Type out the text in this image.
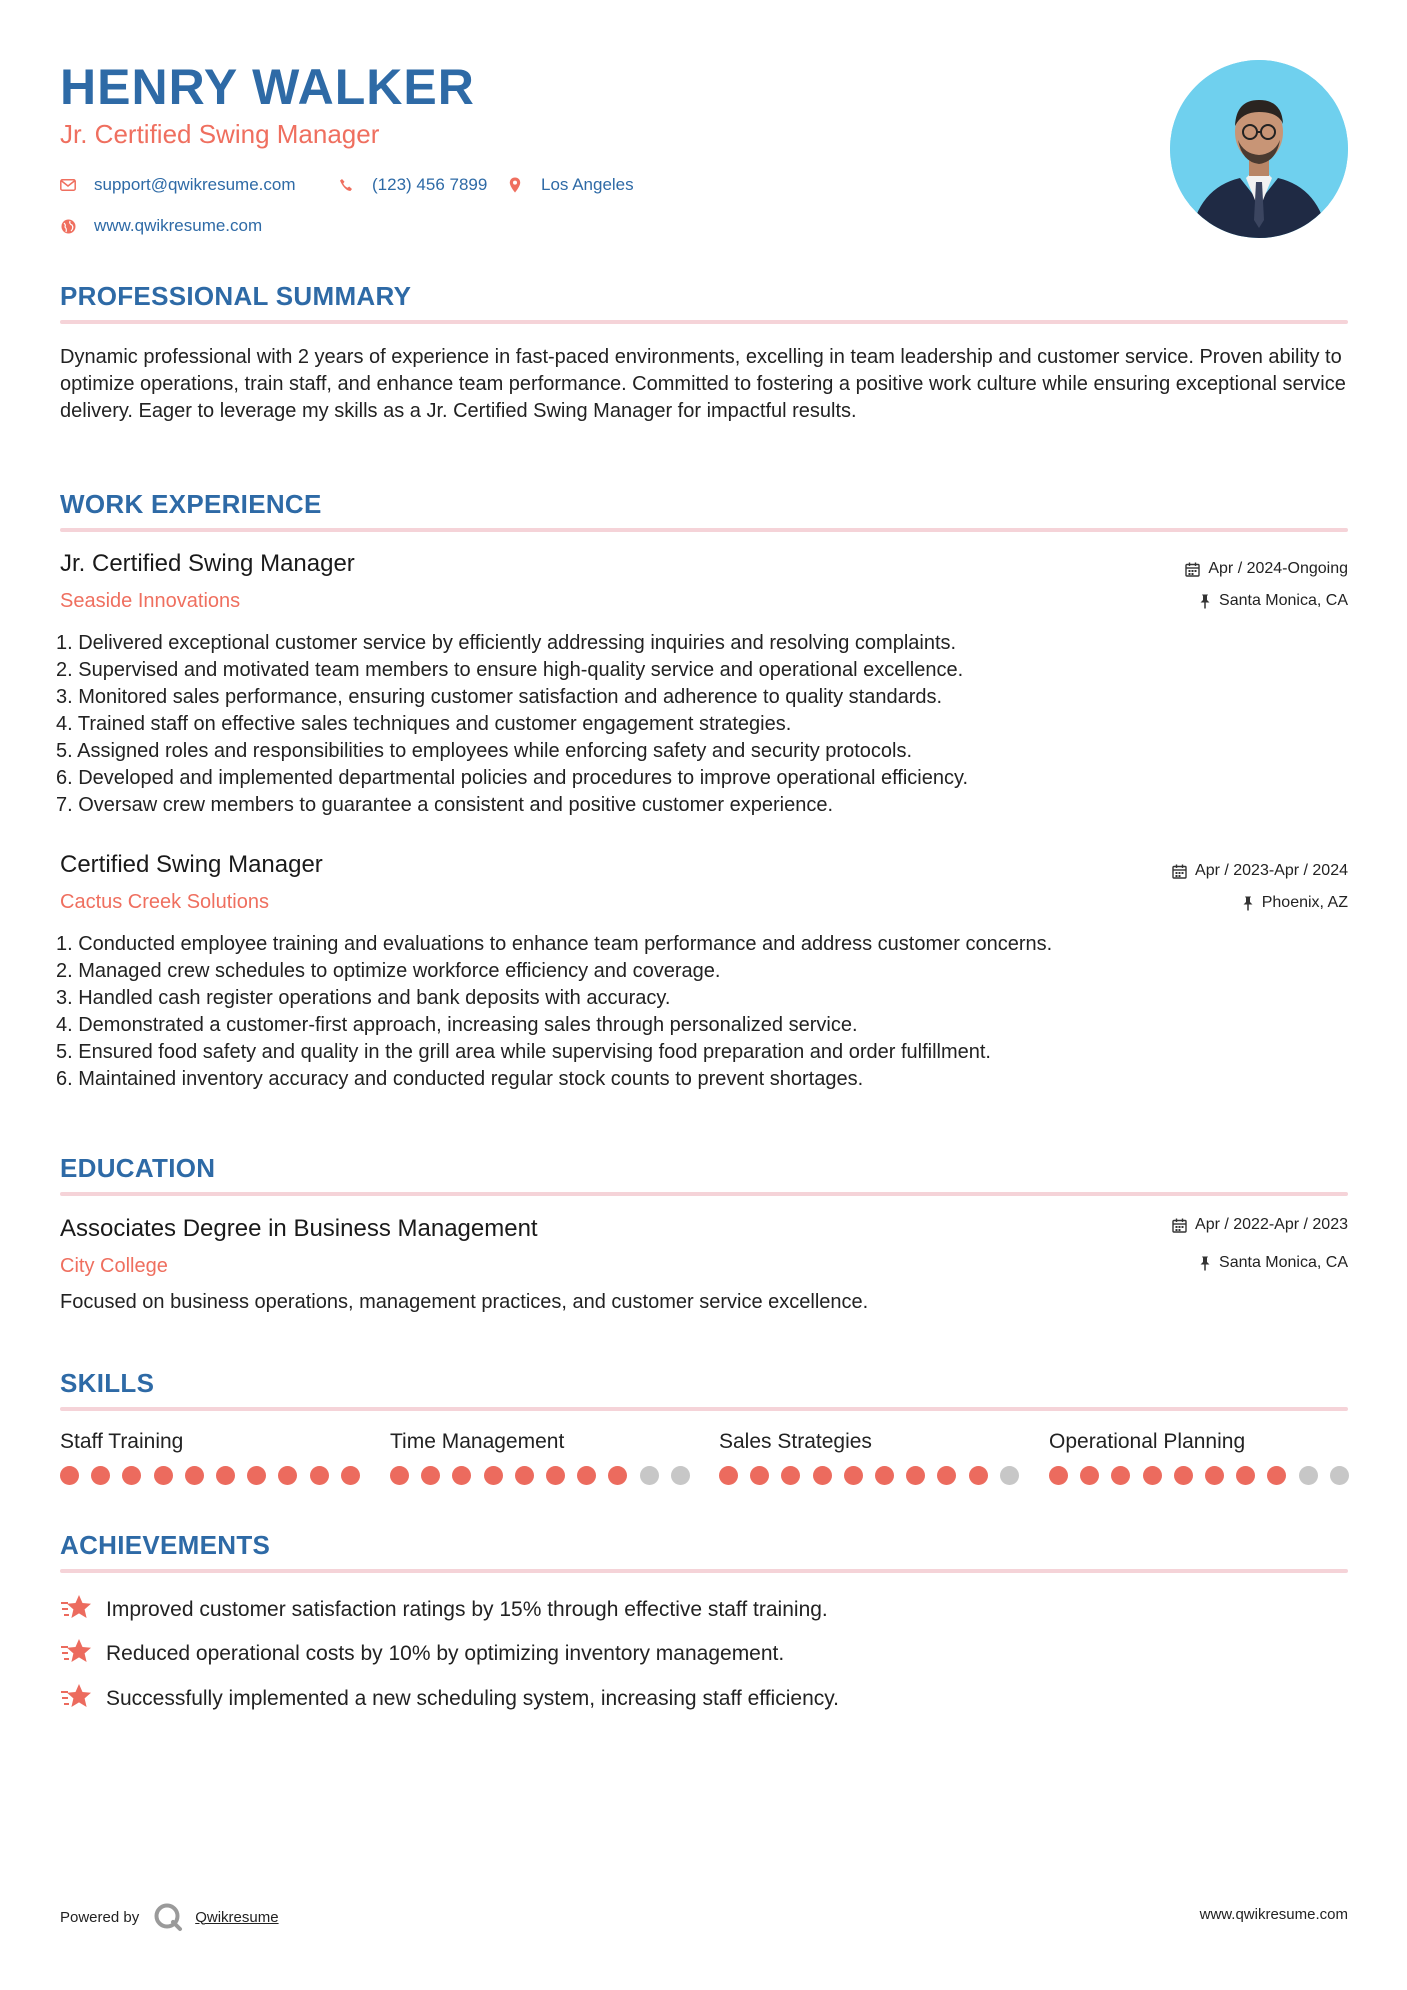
HENRY WALKER
Jr. Certified Swing Manager
support@qwikresume.com	(123) 456 7899	Los Angeles
www.qwikresume.com
PROFESSIONAL SUMMARY
Dynamic professional with 2 years of experience in fast-paced environments, excelling in team leadership and customer service. Proven ability to optimize operations, train staff, and enhance team performance. Committed to fostering a positive work culture while ensuring exceptional service delivery. Eager to leverage my skills as a Jr. Certified Swing Manager for impactful results.
WORK EXPERIENCE
Jr. Certified Swing Manager
Seaside Innovations
Apr / 2024-Ongoing
Santa Monica, CA
1. Delivered exceptional customer service by efficiently addressing inquiries and resolving complaints.
2. Supervised and motivated team members to ensure high-quality service and operational excellence.
3. Monitored sales performance, ensuring customer satisfaction and adherence to quality standards.
4. Trained staff on effective sales techniques and customer engagement strategies.
5. Assigned roles and responsibilities to employees while enforcing safety and security protocols.
6. Developed and implemented departmental policies and procedures to improve operational efficiency.
7. Oversaw crew members to guarantee a consistent and positive customer experience.
Certified Swing Manager
Cactus Creek Solutions
Apr / 2023-Apr / 2024
Phoenix, AZ
1. Conducted employee training and evaluations to enhance team performance and address customer concerns.
2. Managed crew schedules to optimize workforce efficiency and coverage.
3. Handled cash register operations and bank deposits with accuracy.
4. Demonstrated a customer-first approach, increasing sales through personalized service.
5. Ensured food safety and quality in the grill area while supervising food preparation and order fulfillment.
6. Maintained inventory accuracy and conducted regular stock counts to prevent shortages.
EDUCATION
Associates Degree in Business Management
City College
Apr / 2022-Apr / 2023
Santa Monica, CA
Focused on business operations, management practices, and customer service excellence.
SKILLS
Staff Training	Time Management	Sales Strategies	Operational Planning
ACHIEVEMENTS
Improved customer satisfaction ratings by 15% through effective staff training.
Reduced operational costs by 10% by optimizing inventory management.
Successfully implemented a new scheduling system, increasing staff efficiency.
Powered by	Qwikresume	www.qwikresume.com
